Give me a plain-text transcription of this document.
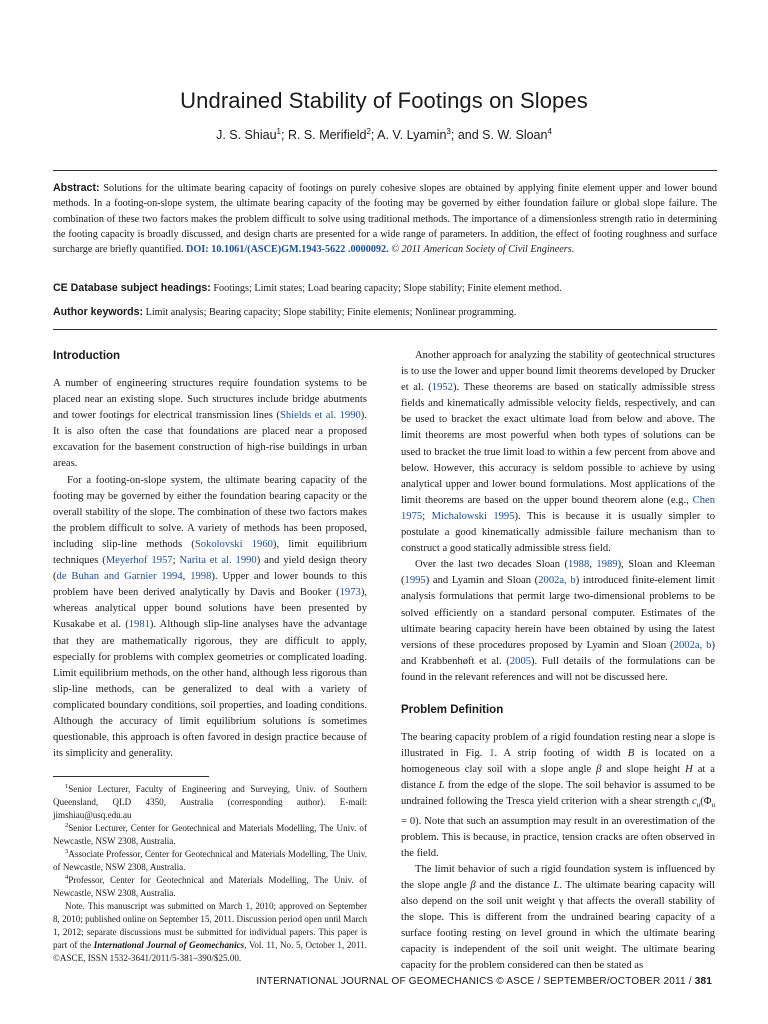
Undrained Stability of Footings on Slopes
J. S. Shiau$^1$; R. S. Merifield$^2$; A. V. Lyamin$^3$; and S. W. Sloan$^4$

Abstract: Solutions for the ultimate bearing capacity of footings on purely cohesive slopes are obtained by applying finite element upper and lower bound methods. In a footing-on-slope system, the ultimate bearing capacity of the footing may be governed by either foundation failure or global slope failure. The combination of these two factors makes the problem difficult to solve using traditional methods. The importance of a dimensionless strength ratio in determining the footing capacity is broadly discussed, and design charts are presented for a wide range of parameters. In addition, the effect of footing roughness and surface surcharge are briefly quantified. DOI: 10.1061/(ASCE)GM.1943-5622 .0000092. © 2011 American Society of Civil Engineers.

CE Database subject headings: Footings; Limit states; Load bearing capacity; Slope stability; Finite element method.

Author keywords: Limit analysis; Bearing capacity; Slope stability; Finite elements; Nonlinear programming.

Introduction

A number of engineering structures require foundation systems to be placed near an existing slope. Such structures include bridge abutments and tower footings for electrical transmission lines (Shields et al. 1990). It is also often the case that foundations are placed near a proposed excavation for the basement construction of high-rise buildings in urban areas.

For a footing-on-slope system, the ultimate bearing capacity of the footing may be governed by either the foundation bearing capacity or the overall stability of the slope. The combination of these two factors makes the problem difficult to solve. A variety of methods has been proposed, including slip-line methods (Sokolovski 1960), limit equilibrium techniques (Meyerhof 1957; Narita et al. 1990) and yield design theory (de Buhan and Garnier 1994, 1998). Upper and lower bounds to this problem have been derived analytically by Davis and Booker (1973), whereas analytical upper bound solutions have been presented by Kusakabe et al. (1981). Although slip-line analyses have the advantage that they are mathematically rigorous, they are difficult to apply, especially for problems with complex geometries or complicated loading. Limit equilibrium methods, on the other hand, although less rigorous than slip-line methods, can be generalized to deal with a variety of complicated boundary conditions, soil properties, and loading conditions. Although the accuracy of limit equilibrium solutions is sometimes questionable, this approach is often favored in design practice because of its simplicity and generality.

$^1$Senior Lecturer, Faculty of Engineering and Surveying, Univ. of Southern Queensland, QLD 4350, Australia (corresponding author). E-mail: jimshiau@usq.edu.au

$^2$Senior Lecturer, Center for Geotechnical and Materials Modelling, The Univ. of Newcastle, NSW 2308, Australia.

$^3$Associate Professor, Center for Geotechnical and Materials Modelling, The Univ. of Newcastle, NSW 2308, Australia.

$^4$Professor, Center for Geotechnical and Materials Modelling, The Univ. of Newcastle, NSW 2308, Australia.

Note. This manuscript was submitted on March 1, 2010; approved on September 8, 2010; published online on September 15, 2011. Discussion period open until March 1, 2012; separate discussions must be submitted for individual papers. This paper is part of the International Journal of Geomechanics, Vol. 11, No. 5, October 1, 2011. ©ASCE, ISSN 1532-3641/2011/5-381–390/$25.00.

Another approach for analyzing the stability of geotechnical structures is to use the lower and upper bound limit theorems developed by Drucker et al. (1952). These theorems are based on statically admissible stress fields and kinematically admissible velocity fields, respectively, and can be used to bracket the exact ultimate load from below and above. The limit theorems are most powerful when both types of solutions can be used to bracket the true limit load to within a few percent from above and below. However, this accuracy is seldom possible to achieve by using analytical upper and lower bound formulations. Most applications of the limit theorems are based on the upper bound theorem alone (e.g., Chen 1975; Michalowski 1995). This is because it is usually simpler to postulate a good kinematically admissible failure mechanism than to construct a good statically admissible stress field.

Over the last two decades Sloan (1988, 1989), Sloan and Kleeman (1995) and Lyamin and Sloan (2002a, b) introduced finite-element limit analysis formulations that permit large two-dimensional problems to be solved efficiently on a standard personal computer. Estimates of the ultimate bearing capacity herein have been obtained by using the latest versions of these procedures proposed by Lyamin and Sloan (2002a, b) and Krabbenhøft et al. (2005). Full details of the formulations can be found in the relevant references and will not be discussed here.

Problem Definition

The bearing capacity problem of a rigid foundation resting near a slope is illustrated in Fig. 1. A strip footing of width B is located on a homogeneous clay soil with a slope angle β and slope height H at a distance L from the edge of the slope. The soil behavior is assumed to be undrained following the Tresca yield criterion with a shear strength $c_u(\Phi_u = 0)$. Note that such an assumption may result in an overestimation of the problem. This is because, in practice, tension cracks are often observed in the field.

The limit behavior of such a rigid foundation system is influenced by the slope angle β and the distance L. The ultimate bearing capacity will also depend on the soil unit weight γ that affects the overall stability of the slope. This is different from the undrained bearing capacity of a surface footing resting on level ground in which the ultimate bearing capacity is independent of the soil unit weight. The ultimate bearing capacity for the problem considered can then be stated as

INTERNATIONAL JOURNAL OF GEOMECHANICS © ASCE / SEPTEMBER/OCTOBER 2011 / 381
